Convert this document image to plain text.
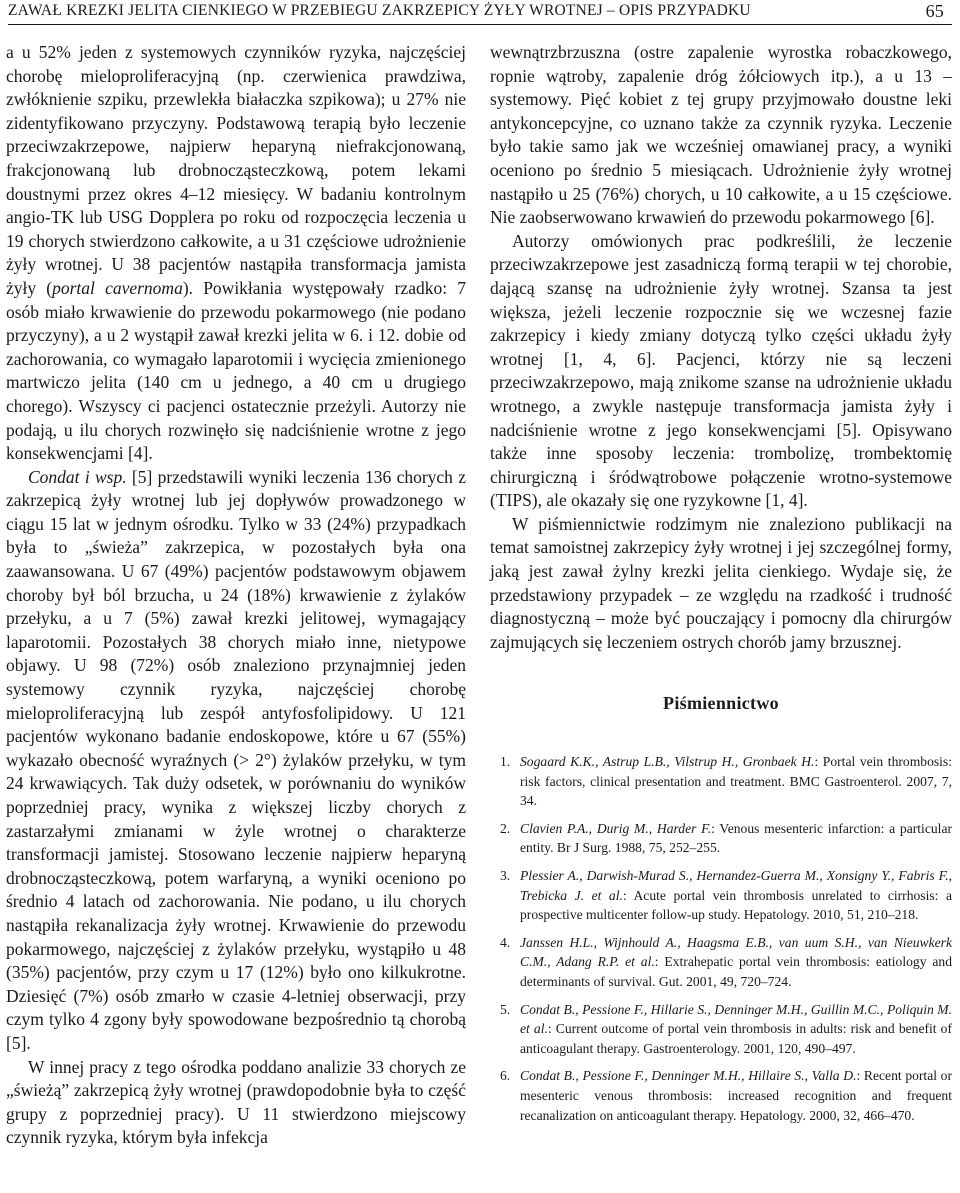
ZAWAŁ KREZKI JELITA CIENKIEGO W PRZEBIEGU ZAKRZEPICY ŻYŁY WROTNEJ – OPIS PRZYPADKU	65

a u 52% jeden z systemowych czynników ryzyka, najczęściej chorobę mieloproliferacyjną (np. czerwienica prawdziwa, zwłóknienie szpiku, przewlekła białaczka szpikowa); u 27% nie zidentyfikowano przyczyny. Podstawową terapią było leczenie przeciwzakrzepowe, najpierw heparyną niefrakcjonowaną, frakcjonowaną lub drobnocząsteczkową, potem lekami doustnymi przez okres 4–12 miesięcy. W badaniu kontrolnym angio-TK lub USG Dopplera po roku od rozpoczęcia leczenia u 19 chorych stwierdzono całkowite, a u 31 częściowe udrożnienie żyły wrotnej. U 38 pacjentów nastąpiła transformacja jamista żyły (portal cavernoma). Powikłania występowały rzadko: 7 osób miało krwawienie do przewodu pokarmowego (nie podano przyczyny), a u 2 wystąpił zawał krezki jelita w 6. i 12. dobie od zachorowania, co wymagało laparotomii i wycięcia zmienionego martwiczo jelita (140 cm u jednego, a 40 cm u drugiego chorego). Wszyscy ci pacjenci ostatecznie przeżyli. Autorzy nie podają, u ilu chorych rozwinęło się nadciśnienie wrotne z jego konsekwencjami [4].

Condat i wsp. [5] przedstawili wyniki leczenia 136 chorych z zakrzepicą żyły wrotnej lub jej dopływów prowadzonego w ciągu 15 lat w jednym ośrodku. Tylko w 33 (24%) przypadkach była to „świeża” zakrzepica, w pozostałych była ona zaawansowana. U 67 (49%) pacjentów podstawowym objawem choroby był ból brzucha, u 24 (18%) krwawienie z żylaków przełyku, a u 7 (5%) zawał krezki jelitowej, wymagający laparotomii. Pozostałych 38 chorych miało inne, nietypowe objawy. U 98 (72%) osób znaleziono przynajmniej jeden systemowy czynnik ryzyka, najczęściej chorobę mieloproliferacyjną lub zespół antyfosfolipidowy. U 121 pacjentów wykonano badanie endoskopowe, które u 67 (55%) wykazało obecność wyraźnych (> 2°) żylaków przełyku, w tym 24 krwawiących. Tak duży odsetek, w porównaniu do wyników poprzedniej pracy, wynika z większej liczby chorych z zastarzałymi zmianami w żyle wrotnej o charakterze transformacji jamistej. Stosowano leczenie najpierw heparyną drobnocząsteczkową, potem warfaryną, a wyniki oceniono po średnio 4 latach od zachorowania. Nie podano, u ilu chorych nastąpiła rekanalizacja żyły wrotnej. Krwawienie do przewodu pokarmowego, najczęściej z żylaków przełyku, wystąpiło u 48 (35%) pacjentów, przy czym u 17 (12%) było ono kilkukrotne. Dziesięć (7%) osób zmarło w czasie 4-letniej obserwacji, przy czym tylko 4 zgony były spowodowane bezpośrednio tą chorobą [5].

W innej pracy z tego ośrodka poddano analizie 33 chorych ze „świeżą” zakrzepicą żyły wrotnej (prawdopodobnie była to część grupy z poprzedniej pracy). U 11 stwierdzono miejscowy czynnik ryzyka, którym była infekcja

wewnątrzbrzuszna (ostre zapalenie wyrostka robaczkowego, ropnie wątroby, zapalenie dróg żółciowych itp.), a u 13 – systemowy. Pięć kobiet z tej grupy przyjmowało doustne leki antykoncepcyjne, co uznano także za czynnik ryzyka. Leczenie było takie samo jak we wcześniej omawianej pracy, a wyniki oceniono po średnio 5 miesiącach. Udrożnienie żyły wrotnej nastąpiło u 25 (76%) chorych, u 10 całkowite, a u 15 częściowe. Nie zaobserwowano krwawień do przewodu pokarmowego [6].

Autorzy omówionych prac podkreślili, że leczenie przeciwzakrzepowe jest zasadniczą formą terapii w tej chorobie, dającą szansę na udrożnienie żyły wrotnej. Szansa ta jest większa, jeżeli leczenie rozpocznie się we wczesnej fazie zakrzepicy i kiedy zmiany dotyczą tylko części układu żyły wrotnej [1, 4, 6]. Pacjenci, którzy nie są leczeni przeciwzakrzepowo, mają znikome szanse na udrożnienie układu wrotnego, a zwykle następuje transformacja jamista żyły i nadciśnienie wrotne z jego konsekwencjami [5]. Opisywano także inne sposoby leczenia: trombolizę, trombektomię chirurgiczną i śródwątrobowe połączenie wrotno-systemowe (TIPS), ale okazały się one ryzykowne [1, 4].

W piśmiennictwie rodzimym nie znaleziono publikacji na temat samoistnej zakrzepicy żyły wrotnej i jej szczególnej formy, jaką jest zawał żylny krezki jelita cienkiego. Wydaje się, że przedstawiony przypadek – ze względu na rzadkość i trudność diagnostyczną – może być pouczający i pomocny dla chirurgów zajmujących się leczeniem ostrych chorób jamy brzusznej.

Piśmiennictwo
1. Sogaard K.K., Astrup L.B., Vilstrup H., Gronbaek H.: Portal vein thrombosis: risk factors, clinical presentation and treatment. BMC Gastroenterol. 2007, 7, 34.
2. Clavien P.A., Durig M., Harder F.: Venous mesenteric infarction: a particular entity. Br J Surg. 1988, 75, 252–255.
3. Plessier A., Darwish-Murad S., Hernandez-Guerra M., Xonsigny Y., Fabris F., Trebicka J. et al.: Acute portal vein thrombosis unrelated to cirrhosis: a prospective multicenter follow-up study. Hepatology. 2010, 51, 210–218.
4. Janssen H.L., Wijnhould A., Haagsma E.B., van uum S.H., van Nieuwkerk C.M., Adang R.P. et al.: Extrahepatic portal vein thrombosis: eatiology and determinants of survival. Gut. 2001, 49, 720–724.
5. Condat B., Pessione F., Hillarie S., Denninger M.H., Guillin M.C., Poliquin M. et al.: Current outcome of portal vein thrombosis in adults: risk and benefit of anticoagulant therapy. Gastroenterology. 2001, 120, 490–497.
6. Condat B., Pessione F., Denninger M.H., Hillaire S., Valla D.: Recent portal or mesenteric venous thrombosis: increased recognition and frequent recanalization on anticoagulant therapy. Hepatology. 2000, 32, 466–470.
